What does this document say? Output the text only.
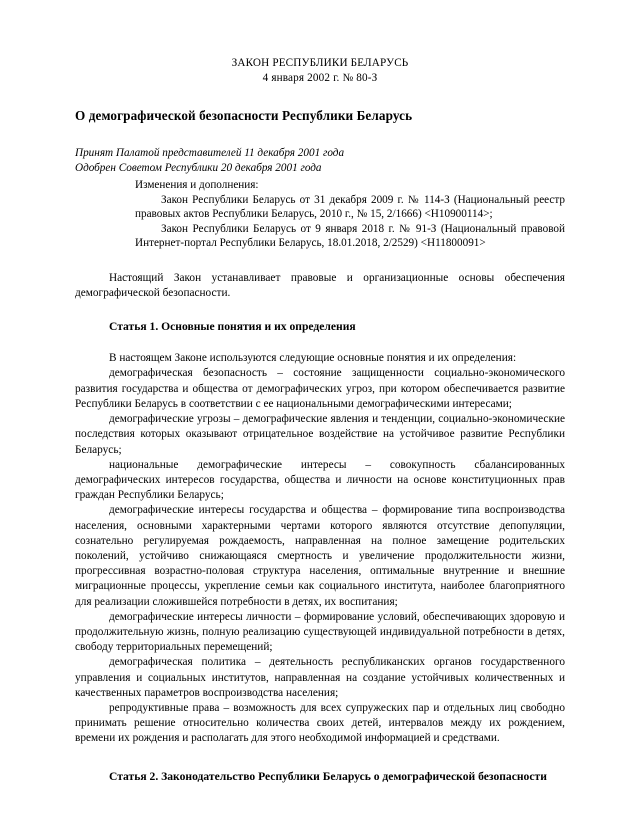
ЗАКОН РЕСПУБЛИКИ БЕЛАРУСЬ
4 января 2002 г. № 80-З
О демографической безопасности Республики Беларусь
Принят Палатой представителей 11 декабря 2001 года
Одобрен Советом Республики 20 декабря 2001 года
Изменения и дополнения:

Закон Республики Беларусь от 31 декабря 2009 г. № 114-З (Национальный реестр правовых актов Республики Беларусь, 2010 г., № 15, 2/1666) <H10900114>;

Закон Республики Беларусь от 9 января 2018 г. № 91-З (Национальный правовой Интернет-портал Республики Беларусь, 18.01.2018, 2/2529) <H11800091>

Настоящий Закон устанавливает правовые и организационные основы обеспечения демографической безопасности.

Статья 1. Основные понятия и их определения

В настоящем Законе используются следующие основные понятия и их определения:

демографическая безопасность – состояние защищенности социально-экономического развития государства и общества от демографических угроз, при котором обеспечивается развитие Республики Беларусь в соответствии с ее национальными демографическими интересами;

демографические угрозы – демографические явления и тенденции, социально-экономические последствия которых оказывают отрицательное воздействие на устойчивое развитие Республики Беларусь;

национальные демографические интересы – совокупность сбалансированных демографических интересов государства, общества и личности на основе конституционных прав граждан Республики Беларусь;

демографические интересы государства и общества – формирование типа воспроизводства населения, основными характерными чертами которого являются отсутствие депопуляции, сознательно регулируемая рождаемость, направленная на полное замещение родительских поколений, устойчиво снижающаяся смертность и увеличение продолжительности жизни, прогрессивная возрастно-половая структура населения, оптимальные внутренние и внешние миграционные процессы, укрепление семьи как социального института, наиболее благоприятного для реализации сложившейся потребности в детях, их воспитания;

демографические интересы личности – формирование условий, обеспечивающих здоровую и продолжительную жизнь, полную реализацию существующей индивидуальной потребности в детях, свободу территориальных перемещений;

демографическая политика – деятельность республиканских органов государственного управления и социальных институтов, направленная на создание устойчивых количественных и качественных параметров воспроизводства населения;

репродуктивные права – возможность для всех супружеских пар и отдельных лиц свободно принимать решение относительно количества своих детей, интервалов между их рождением, времени их рождения и располагать для этого необходимой информацией и средствами.

Статья 2. Законодательство Республики Беларусь о демографической безопасности
